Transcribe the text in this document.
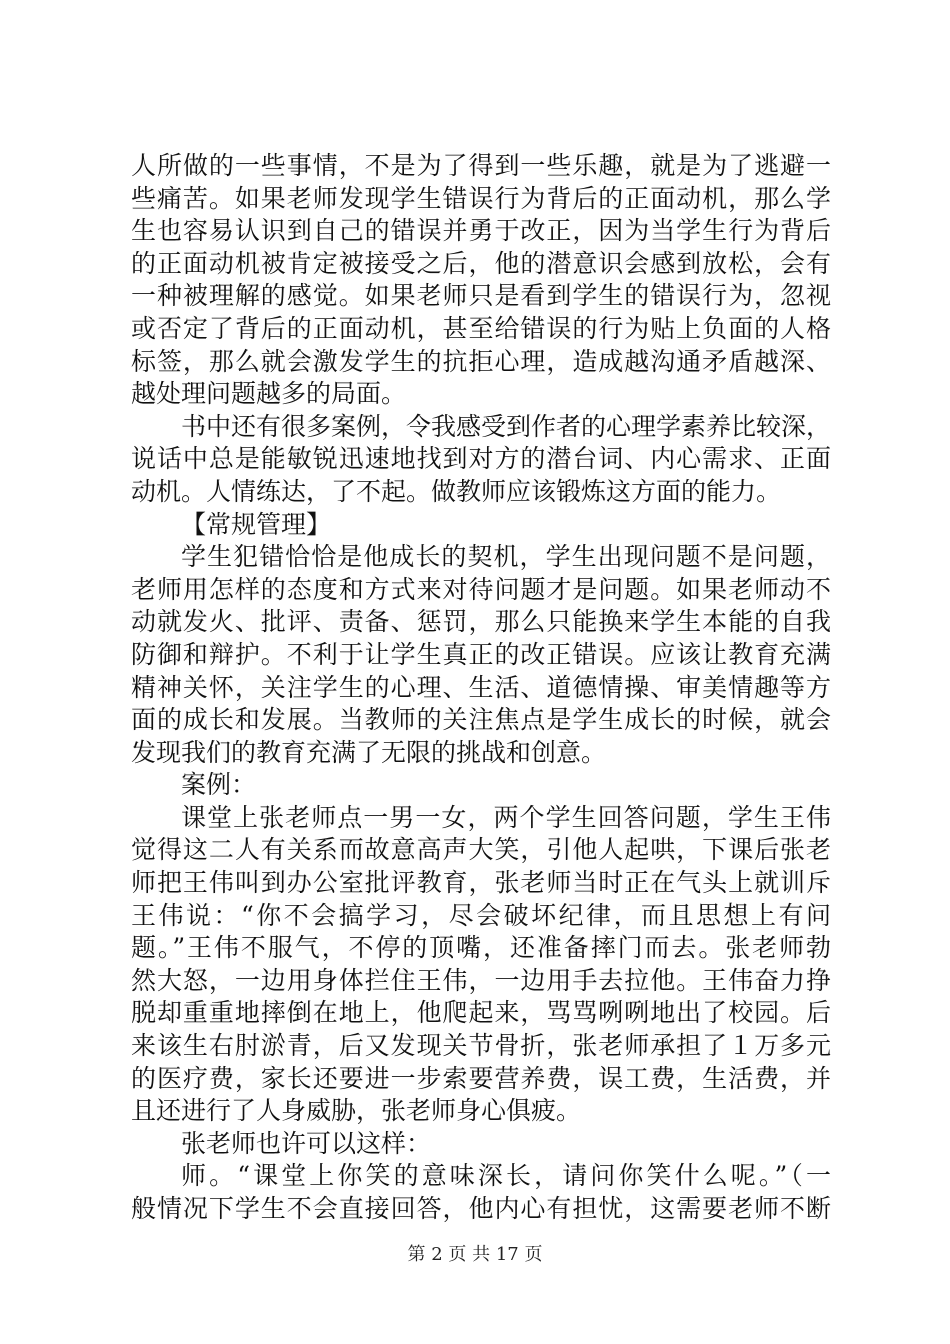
人所做的一些事情，不是为了得到一些乐趣，就是为了逃避一
些痛苦。如果老师发现学生错误行为背后的正面动机，那么学
生也容易认识到自己的错误并勇于改正，因为当学生行为背后
的正面动机被肯定被接受之后，他的潜意识会感到放松，会有
一种被理解的感觉。如果老师只是看到学生的错误行为，忽视
或否定了背后的正面动机，甚至给错误的行为贴上负面的人格
标签，那么就会激发学生的抗拒心理，造成越沟通矛盾越深、
越处理问题越多的局面。
书中还有很多案例，令我感受到作者的心理学素养比较深，
说话中总是能敏锐迅速地找到对方的潜台词、内心需求、正面
动机。人情练达，了不起。做教师应该锻炼这方面的能力。
【常规管理】
学生犯错恰恰是他成长的契机，学生出现问题不是问题，
老师用怎样的态度和方式来对待问题才是问题。如果老师动不
动就发火、批评、责备、惩罚，那么只能换来学生本能的自我
防御和辩护。不利于让学生真正的改正错误。应该让教育充满
精神关怀，关注学生的心理、生活、道德情操、审美情趣等方
面的成长和发展。当教师的关注焦点是学生成长的时候，就会
发现我们的教育充满了无限的挑战和创意。
案例：
课堂上张老师点一男一女，两个学生回答问题，学生王伟
觉得这二人有关系而故意高声大笑，引他人起哄，下课后张老
师把王伟叫到办公室批评教育，张老师当时正在气头上就训斥
王伟说：“你不会搞学习，尽会破坏纪律，而且思想上有问
题。”王伟不服气，不停的顶嘴，还准备摔门而去。张老师勃
然大怒，一边用身体拦住王伟，一边用手去拉他。王伟奋力挣
脱却重重地摔倒在地上，他爬起来，骂骂咧咧地出了校园。后
来该生右肘淤青，后又发现关节骨折，张老师承担了１万多元
的医疗费，家长还要进一步索要营养费，误工费，生活费，并
且还进行了人身威胁，张老师身心俱疲。
张老师也许可以这样：
师。“课堂上你笑的意味深长，请问你笑什么呢。”（一
般情况下学生不会直接回答，他内心有担忧，这需要老师不断
第 2 页 共 17 页
